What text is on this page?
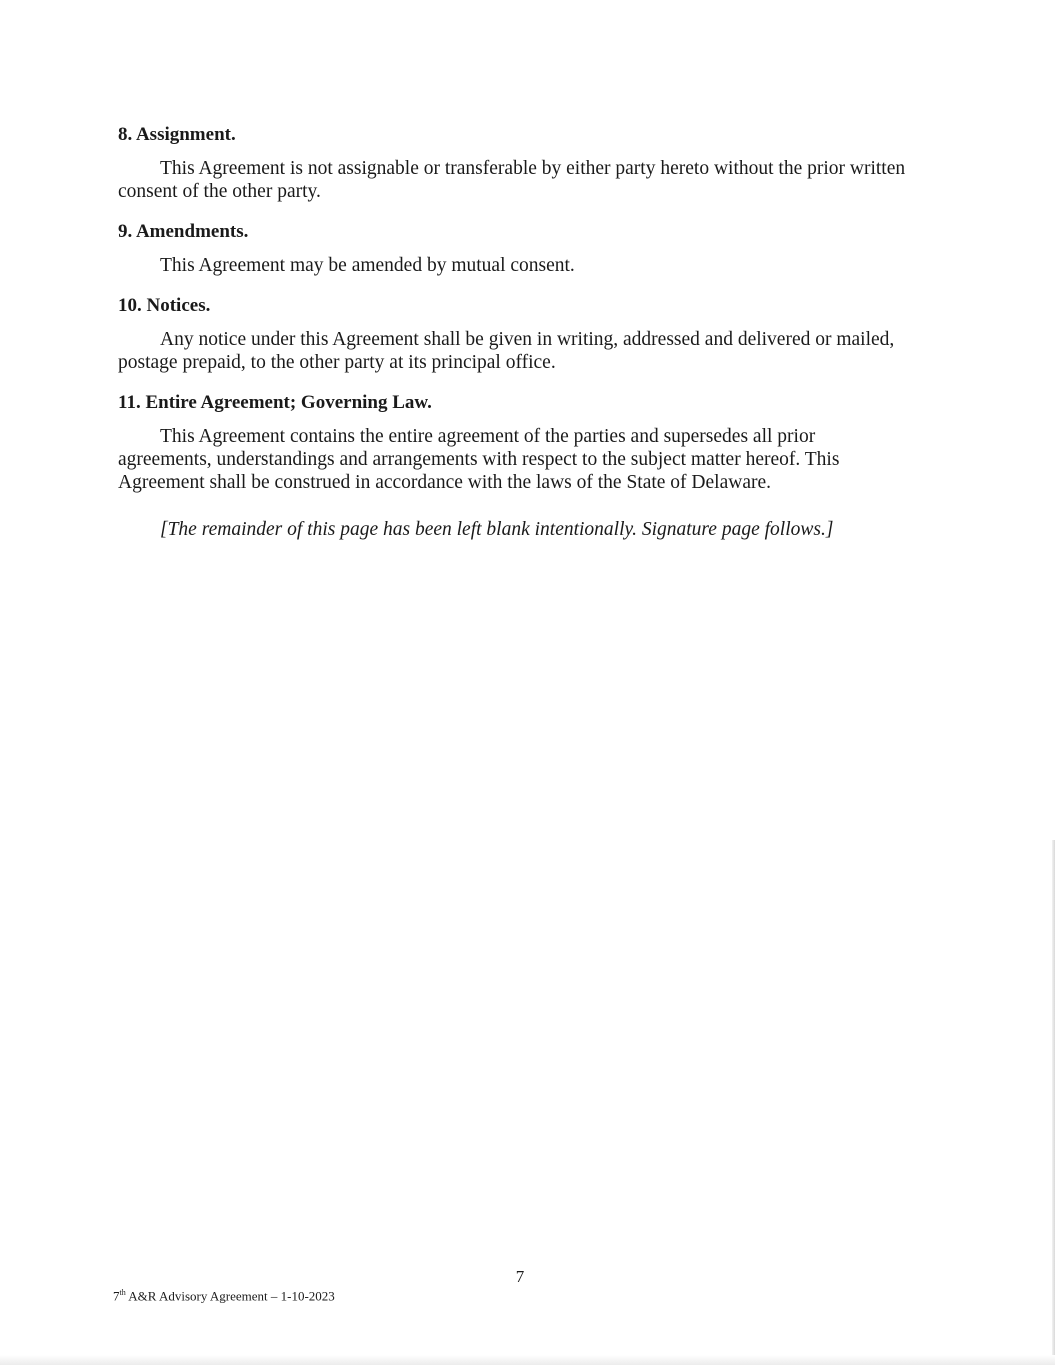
8. Assignment.

This Agreement is not assignable or transferable by either party hereto without the prior written consent of the other party.

9. Amendments.

This Agreement may be amended by mutual consent.

10. Notices.

Any notice under this Agreement shall be given in writing, addressed and delivered or mailed, postage prepaid, to the other party at its principal office.

11. Entire Agreement; Governing Law.

This Agreement contains the entire agreement of the parties and supersedes all prior agreements, understandings and arrangements with respect to the subject matter hereof. This Agreement shall be construed in accordance with the laws of the State of Delaware.

[The remainder of this page has been left blank intentionally. Signature page follows.]

7
7th A&R Advisory Agreement – 1-10-2023
